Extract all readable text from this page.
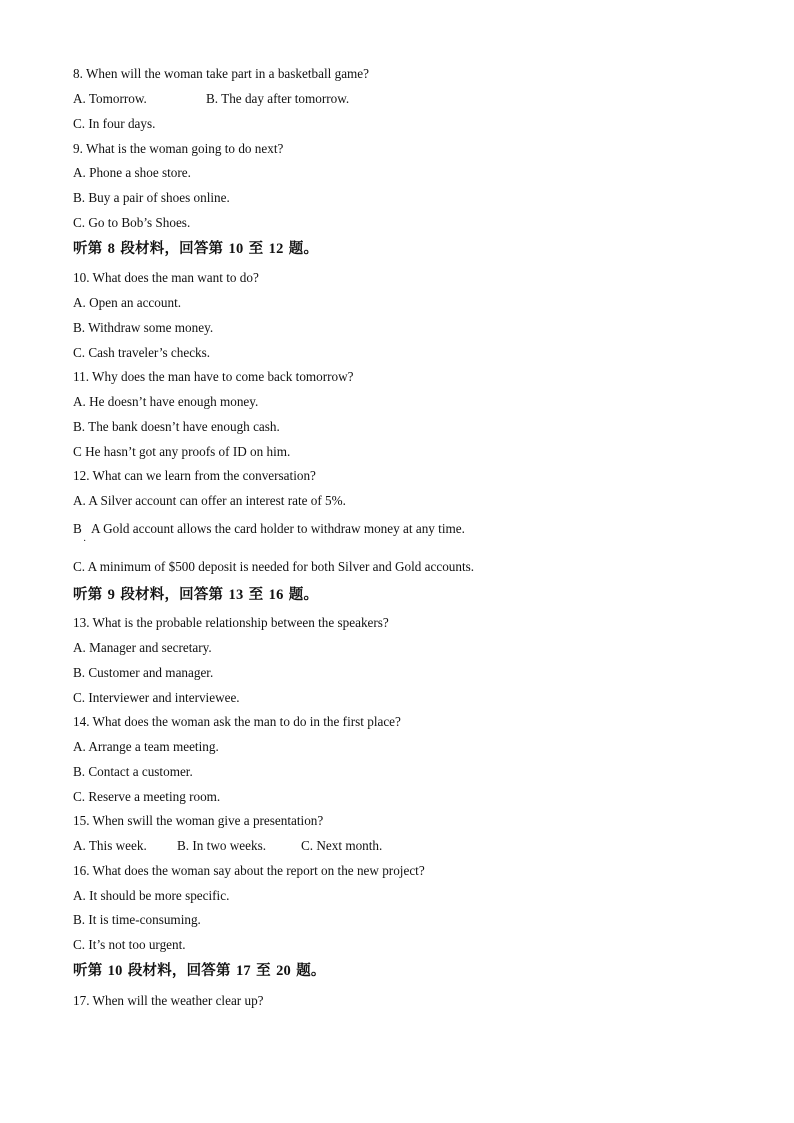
8. When will the woman take part in a basketball game?
A. Tomorrow.	B. The day after tomorrow.
C. In four days.
9. What is the woman going to do next?
A. Phone a shoe store.
B. Buy a pair of shoes online.
C. Go to Bob’s Shoes.
听第 8 段材料，回答第 10 至 12 题。
10. What does the man want to do?
A. Open an account.
B. Withdraw some money.
C. Cash traveler’s checks.
11. Why does the man have to come back tomorrow?
A. He doesn’t have enough money.
B. The bank doesn’t have enough cash.
C He hasn’t got any proofs of ID on him.
12. What can we learn from the conversation?
A. A Silver account can offer an interest rate of 5%.
B A Gold account allows the card holder to withdraw money at any time.
·
C. A minimum of $500 deposit is needed for both Silver and Gold accounts.
听第 9 段材料，回答第 13 至 16 题。
13. What is the probable relationship between the speakers?
A. Manager and secretary.
B. Customer and manager.
C. Interviewer and interviewee.
14. What does the woman ask the man to do in the first place?
A. Arrange a team meeting.
B. Contact a customer.
C. Reserve a meeting room.
15. When swill the woman give a presentation?
A. This week. B. In two weeks.	C. Next month.
16. What does the woman say about the report on the new project?
A. It should be more specific.
B. It is time-consuming.
C. It’s not too urgent.
听第 10 段材料，回答第 17 至 20 题。
17. When will the weather clear up?
